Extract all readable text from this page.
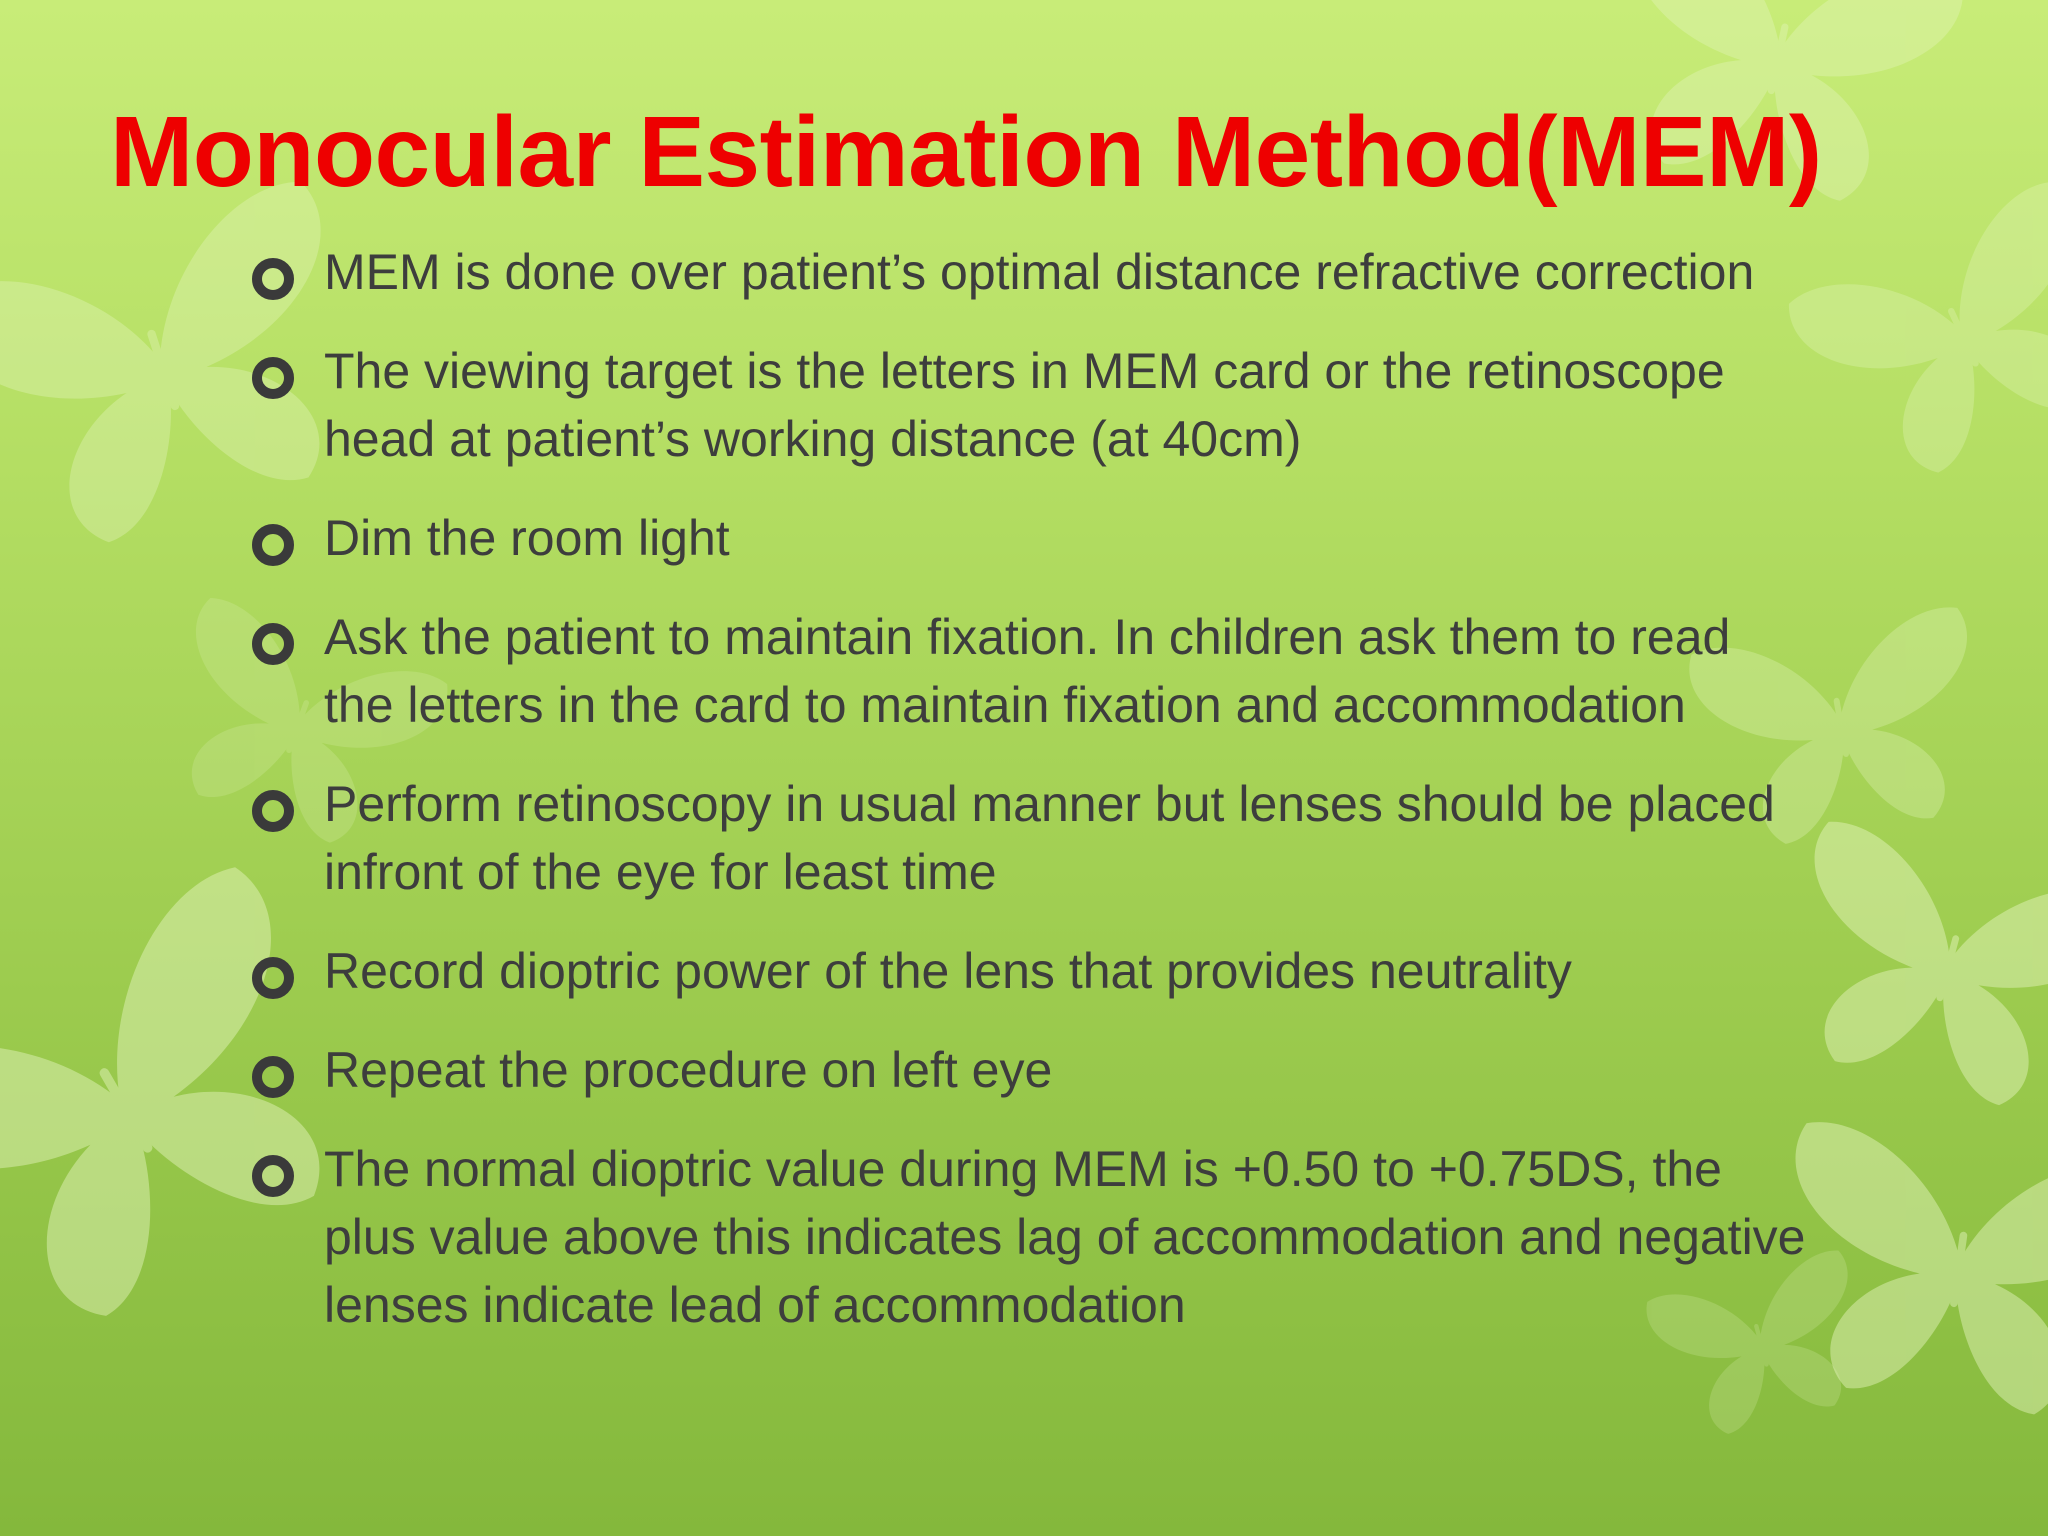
Monocular Estimation Method(MEM)
MEM is done over patient’s optimal distance refractive correction
The viewing target is the letters in MEM card or the retinoscope head at patient’s working distance (at 40cm)
Dim the room light
Ask the patient to maintain fixation. In children ask them to read the letters in the card to maintain fixation and accommodation
Perform retinoscopy in usual manner but lenses should be placed infront of the eye for least time
Record dioptric power of the lens that provides neutrality
Repeat the procedure on left eye
The normal dioptric value during MEM is +0.50 to +0.75DS, the plus value above this indicates lag of accommodation and negative lenses indicate lead of accommodation
